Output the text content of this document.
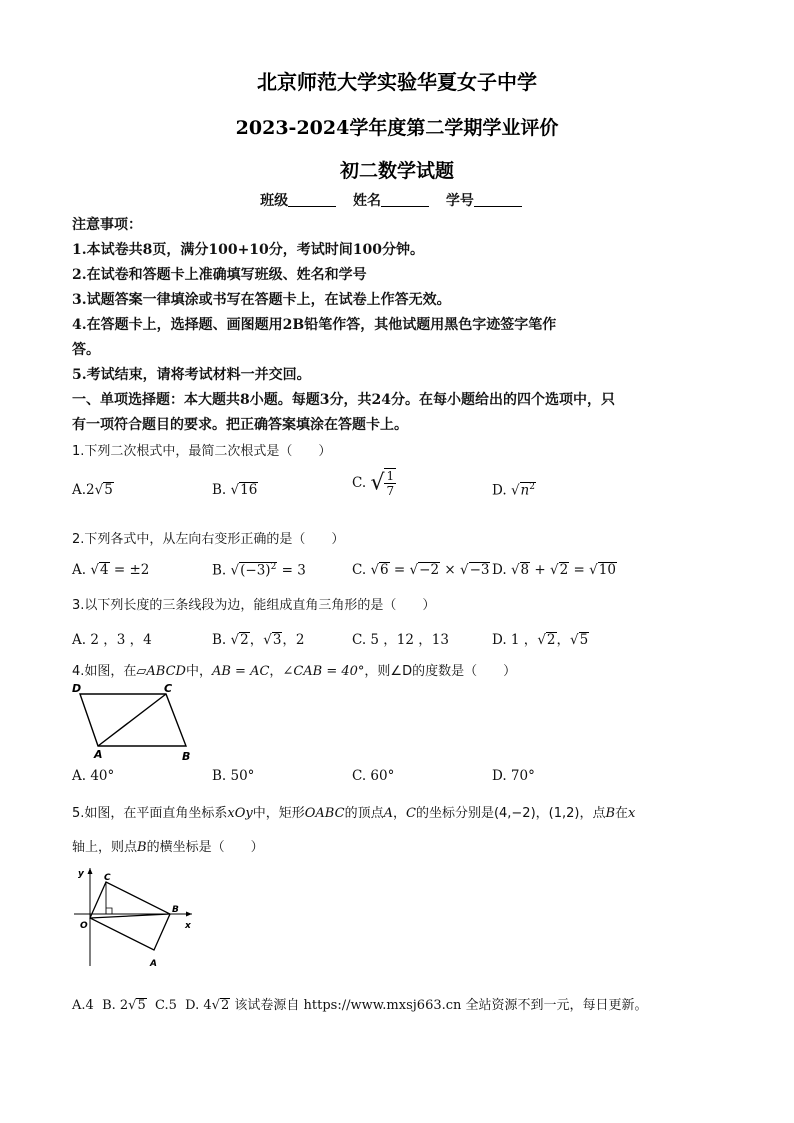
北京师范大学实验华夏女子中学
2023-2024学年度第二学期学业评价
初二数学试题
班级	姓名	学号
注意事项：
1.本试卷共8页，满分100+10分，考试时间100分钟。
2.在试卷和答题卡上准确填写班级、姓名和学号
3.试题答案一律填涂或书写在答题卡上，在试卷上作答无效。
4.在答题卡上，选择题、画图题用2B铅笔作答，其他试题用黑色字迹签字笔作
答。
5.考试结束，请将考试材料一并交回。
一、单项选择题：本大题共8小题。每题3分，共24分。在每小题给出的四个选项中，只
有一项符合题目的要求。把正确答案填涂在答题卡上。
1.下列二次根式中，最简二次根式是（　　）
A.2√5	B. √16	C. √ $\frac{1}{7}$	D. $√n^2$
2.下列各式中，从左向右变形正确的是（　　）
A. √4 = ±2	B. $√(-3)^2 = 3$	C. √6 = √−2 × √−3 D. √8 + √2 = √10
3.以下列长度的三条线段为边，能组成直角三角形的是（　　）
A. 2 ，3 ，4	B. √2，√3，2	C. 5 ，12 ，13	D. 1 ，√2，√5
4.如图，在▱ABCD中，AB = AC，∠CAB = 40°，则∠D的度数是（　　）
D	C
A	B
A. 40°	B. 50°	C. 60°	D. 70°
5.如图，在平面直角坐标系xOy中，矩形OABC的顶点A，C的坐标分别是(4,−2)，(1,2)，点B在x
轴上，则点B的横坐标是（　　）
y C
O
B
x
A
A.4 B. 2√5 C.5 D. 4√2 该试卷源自 https://www.mxsj663.cn 全站资源不到一元，每日更新。
